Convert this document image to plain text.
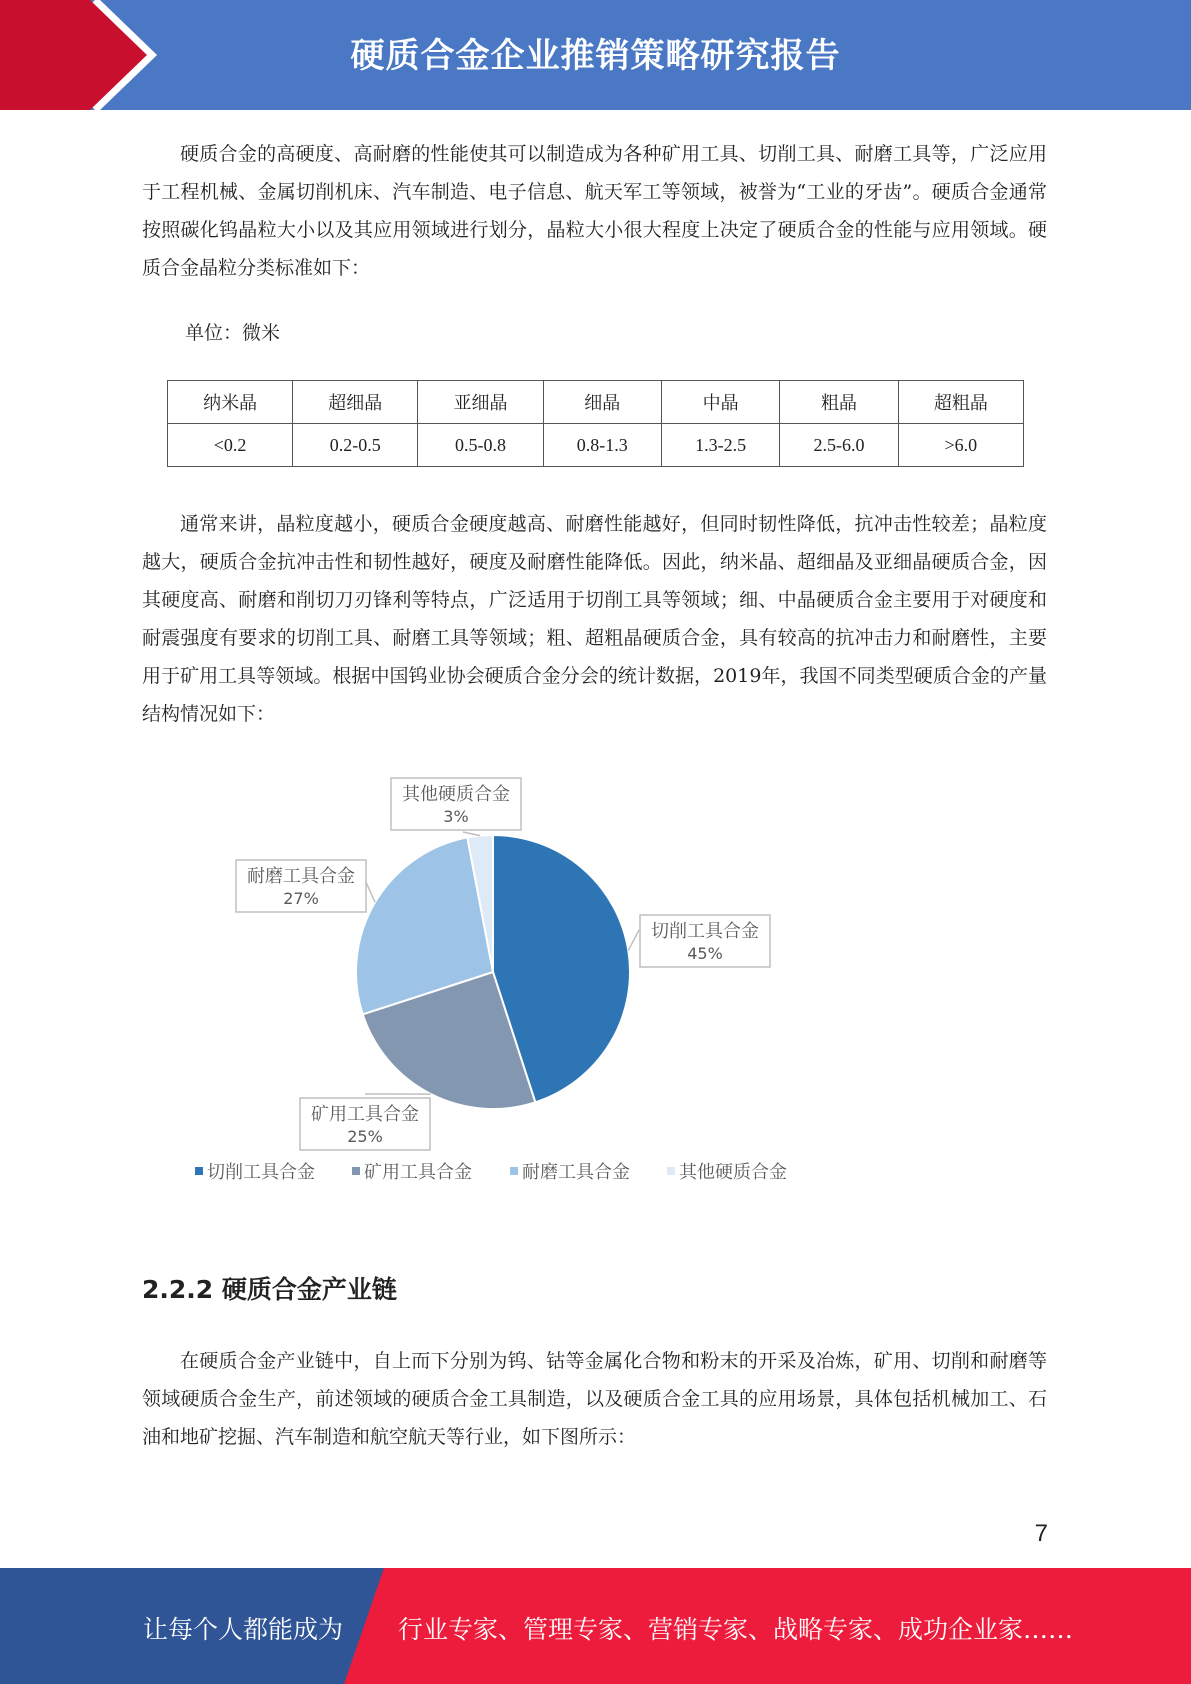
硬质合金企业推销策略研究报告

硬质合金的高硬度、高耐磨的性能使其可以制造成为各种矿用工具、切削工具、耐磨工具等，广泛应用于工程机械、金属切削机床、汽车制造、电子信息、航天军工等领域，被誉为“工业的牙齿”。硬质合金通常按照碳化钨晶粒大小以及其应用领域进行划分，晶粒大小很大程度上决定了硬质合金的性能与应用领域。硬质合金晶粒分类标准如下：

单位：微米
纳米晶	超细晶	亚细晶	细晶	中晶	粗晶	超粗晶
<0.2	0.2-0.5	0.5-0.8	0.8-1.3	1.3-2.5	2.5-6.0	>6.0

通常来讲，晶粒度越小，硬质合金硬度越高、耐磨性能越好，但同时韧性降低，抗冲击性较差；晶粒度越大，硬质合金抗冲击性和韧性越好，硬度及耐磨性能降低。因此，纳米晶、超细晶及亚细晶硬质合金，因其硬度高、耐磨和削切刀刃锋利等特点，广泛适用于切削工具等领域；细、中晶硬质合金主要用于对硬度和耐震强度有要求的切削工具、耐磨工具等领域；粗、超粗晶硬质合金，具有较高的抗冲击力和耐磨性，主要用于矿用工具等领域。根据中国钨业协会硬质合金分会的统计数据，2019年，我国不同类型硬质合金的产量结构情况如下：

切削工具合金
45%
矿用工具合金
25%
耐磨工具合金
27%
其他硬质合金
3%
切削工具合金	矿用工具合金	耐磨工具合金	其他硬质合金
2.2.2 硬质合金产业链

在硬质合金产业链中，自上而下分别为钨、钴等金属化合物和粉末的开采及冶炼，矿用、切削和耐磨等领域硬质合金生产，前述领域的硬质合金工具制造，以及硬质合金工具的应用场景，具体包括机械加工、石油和地矿挖掘、汽车制造和航空航天等行业，如下图所示：

7
让每个人都能成为 行业专家、管理专家、营销专家、战略专家、成功企业家……
